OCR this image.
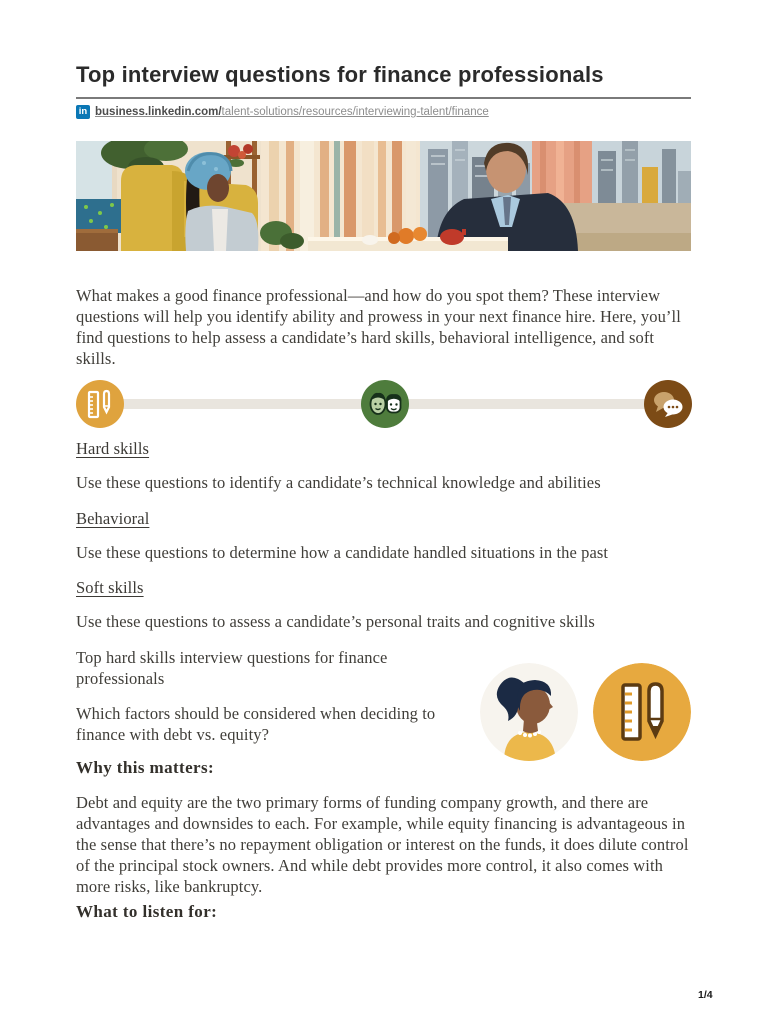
Top interview questions for finance professionals
in business.linkedin.com/talent-solutions/resources/interviewing-talent/finance

What makes a good finance professional—and how do you spot them? These interview questions will help you identify ability and prowess in your next finance hire. Here, you’ll find questions to help assess a candidate’s hard skills, behavioral intelligence, and soft skills.

Hard skills

Use these questions to identify a candidate’s technical knowledge and abilities

Behavioral

Use these questions to determine how a candidate handled situations in the past

Soft skills

Use these questions to assess a candidate’s personal traits and cognitive skills

Top hard skills interview questions for finance professionals

Which factors should be considered when deciding to finance with debt vs. equity?

Why this matters:

Debt and equity are the two primary forms of funding company growth, and there are advantages and downsides to each. For example, while equity financing is advantageous in the sense that there’s no repayment obligation or interest on the funds, it does dilute control of the principal stock owners. And while debt provides more control, it also comes with more risks, like bankruptcy.

What to listen for:

1/4
